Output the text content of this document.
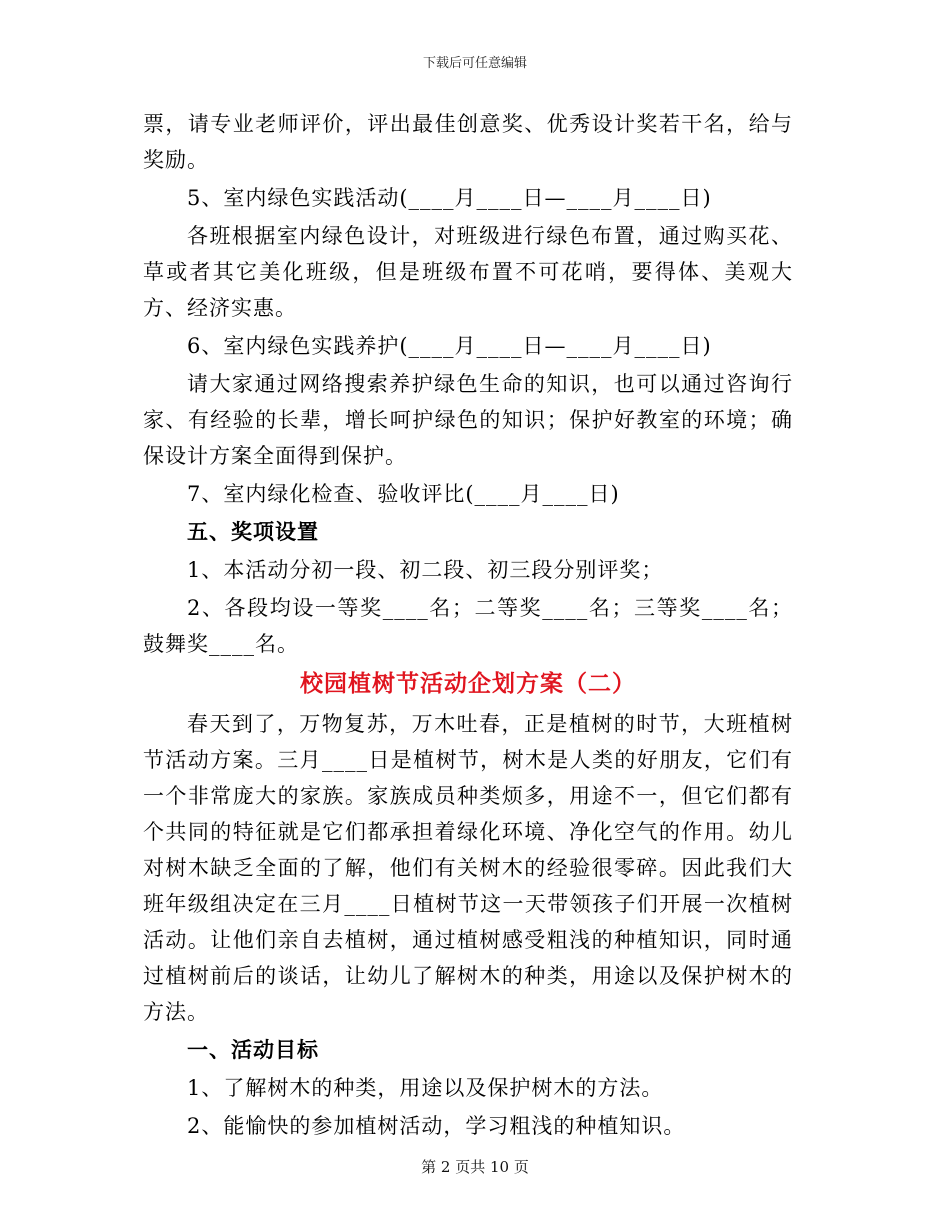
下载后可任意编辑

票，请专业老师评价，评出最佳创意奖、优秀设计奖若干名，给与奖励。

5、室内绿色实践活动(____月____日—____月____日)

各班根据室内绿色设计，对班级进行绿色布置，通过购买花、草或者其它美化班级，但是班级布置不可花哨，要得体、美观大方、经济实惠。

6、室内绿色实践养护(____月____日—____月____日)

请大家通过网络搜索养护绿色生命的知识，也可以通过咨询行家、有经验的长辈，增长呵护绿色的知识；保护好教室的环境；确保设计方案全面得到保护。

7、室内绿化检查、验收评比(____月____日)

五、奖项设置

1、本活动分初一段、初二段、初三段分别评奖；

2、各段均设一等奖____名；二等奖____名；三等奖____名；鼓舞奖____名。

校园植树节活动企划方案（二）

春天到了，万物复苏，万木吐春，正是植树的时节，大班植树节活动方案。三月____日是植树节，树木是人类的好朋友，它们有一个非常庞大的家族。家族成员种类烦多，用途不一，但它们都有个共同的特征就是它们都承担着绿化环境、净化空气的作用。幼儿对树木缺乏全面的了解，他们有关树木的经验很零碎。因此我们大班年级组决定在三月____日植树节这一天带领孩子们开展一次植树活动。让他们亲自去植树，通过植树感受粗浅的种植知识，同时通过植树前后的谈话，让幼儿了解树木的种类，用途以及保护树木的方法。

一、活动目标

1、了解树木的种类，用途以及保护树木的方法。

2、能愉快的参加植树活动，学习粗浅的种植知识。

第 2 页共 10 页
